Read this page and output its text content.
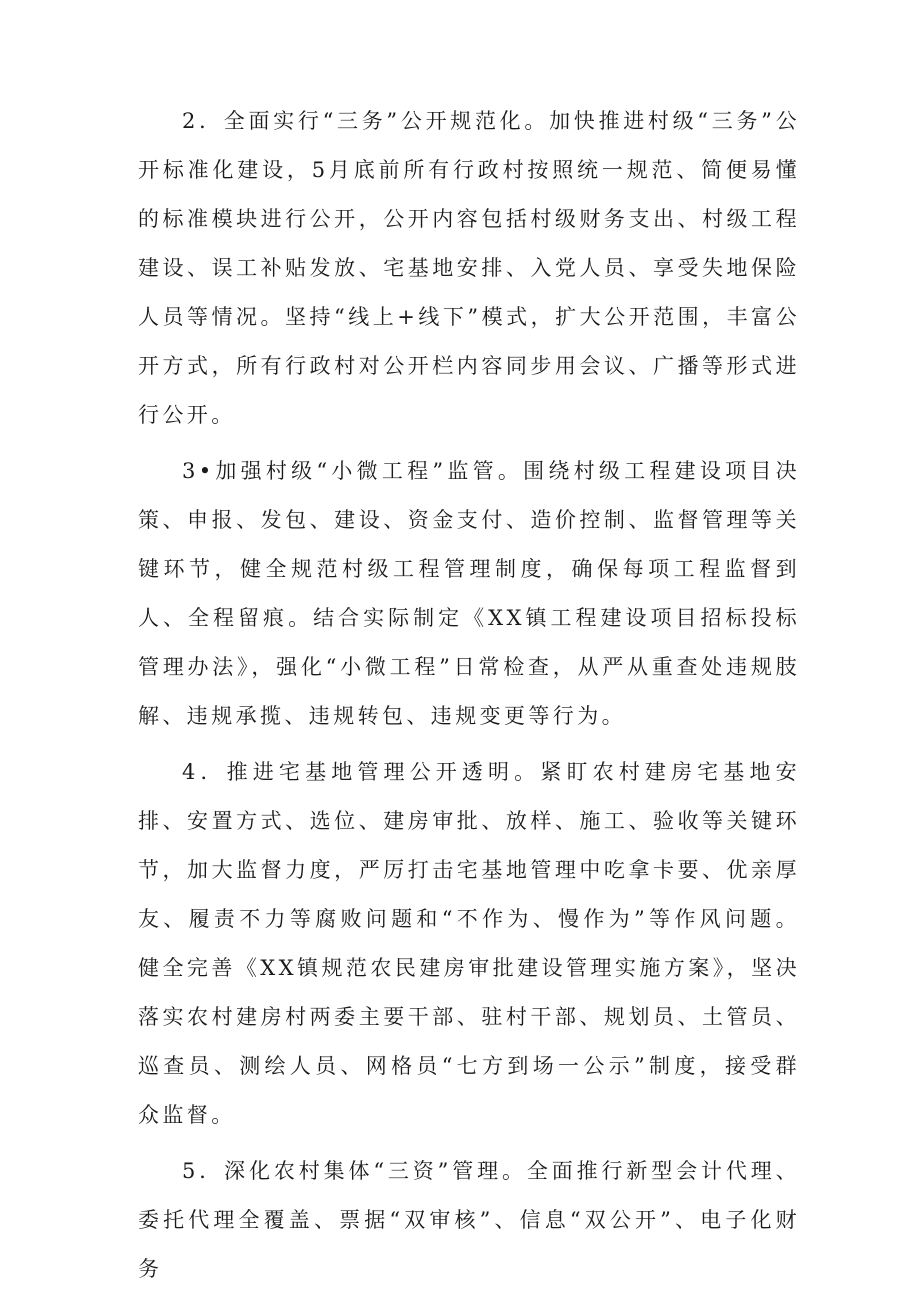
2．全面实行“三务”公开规范化。加快推进村级“三务”公开标准化建设，5月底前所有行政村按照统一规范、简便易懂的标准模块进行公开，公开内容包括村级财务支出、村级工程建设、误工补贴发放、宅基地安排、入党人员、享受失地保险人员等情况。坚持“线上+线下”模式，扩大公开范围，丰富公开方式，所有行政村对公开栏内容同步用会议、广播等形式进行公开。

3•加强村级“小微工程”监管。围绕村级工程建设项目决策、申报、发包、建设、资金支付、造价控制、监督管理等关键环节，健全规范村级工程管理制度，确保每项工程监督到人、全程留痕。结合实际制定《XX镇工程建设项目招标投标管理办法》，强化“小微工程”日常检查，从严从重查处违规肢解、违规承揽、违规转包、违规变更等行为。

4．推进宅基地管理公开透明。紧盯农村建房宅基地安排、安置方式、选位、建房审批、放样、施工、验收等关键环节，加大监督力度，严厉打击宅基地管理中吃拿卡要、优亲厚友、履责不力等腐败问题和“不作为、慢作为”等作风问题。健全完善《XX镇规范农民建房审批建设管理实施方案》，坚决落实农村建房村两委主要干部、驻村干部、规划员、土管员、巡查员、测绘人员、网格员“七方到场一公示”制度，接受群众监督。

5．深化农村集体“三资”管理。全面推行新型会计代理、委托代理全覆盖、票据“双审核”、信息“双公开”、电子化财务
